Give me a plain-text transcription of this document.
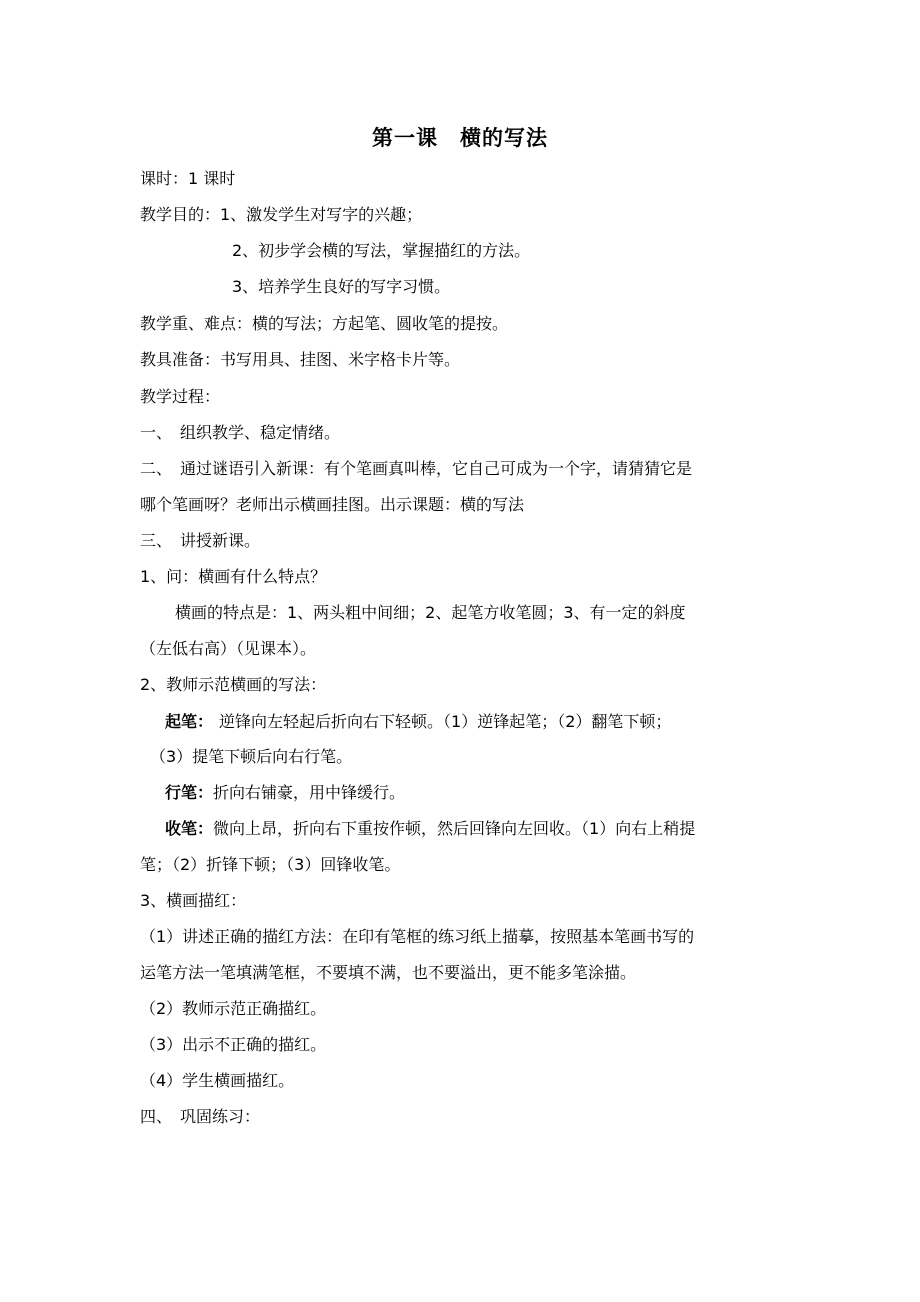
第一课　横的写法
课时：1 课时
教学目的：1、激发学生对写字的兴趣；
2、初步学会横的写法，掌握描红的方法。
3、培养学生良好的写字习惯。
教学重、难点：横的写法；方起笔、圆收笔的提按。
教具准备：书写用具、挂图、米字格卡片等。
教学过程：
一、　组织教学、稳定情绪。
二、　通过谜语引入新课：有个笔画真叫棒，它自己可成为一个字，请猜猜它是
哪个笔画呀？老师出示横画挂图。出示课题：横的写法
三、　讲授新课。
1、问：横画有什么特点？
横画的特点是：1、两头粗中间细；2、起笔方收笔圆；3、有一定的斜度
（左低右高）（见课本）。
2、教师示范横画的写法：
起笔： 逆锋向左轻起后折向右下轻顿。（1）逆锋起笔；（2）翻笔下顿；
（3）提笔下顿后向右行笔。
行笔：折向右铺豪，用中锋缓行。
收笔：微向上昂，折向右下重按作顿，然后回锋向左回收。（1）向右上稍提
笔；（2）折锋下顿；（3）回锋收笔。
3、横画描红：
（1）讲述正确的描红方法：在印有笔框的练习纸上描摹，按照基本笔画书写的
运笔方法一笔填满笔框，不要填不满，也不要溢出，更不能多笔涂描。
（2）教师示范正确描红。
（3）出示不正确的描红。
（4）学生横画描红。
四、　巩固练习：
